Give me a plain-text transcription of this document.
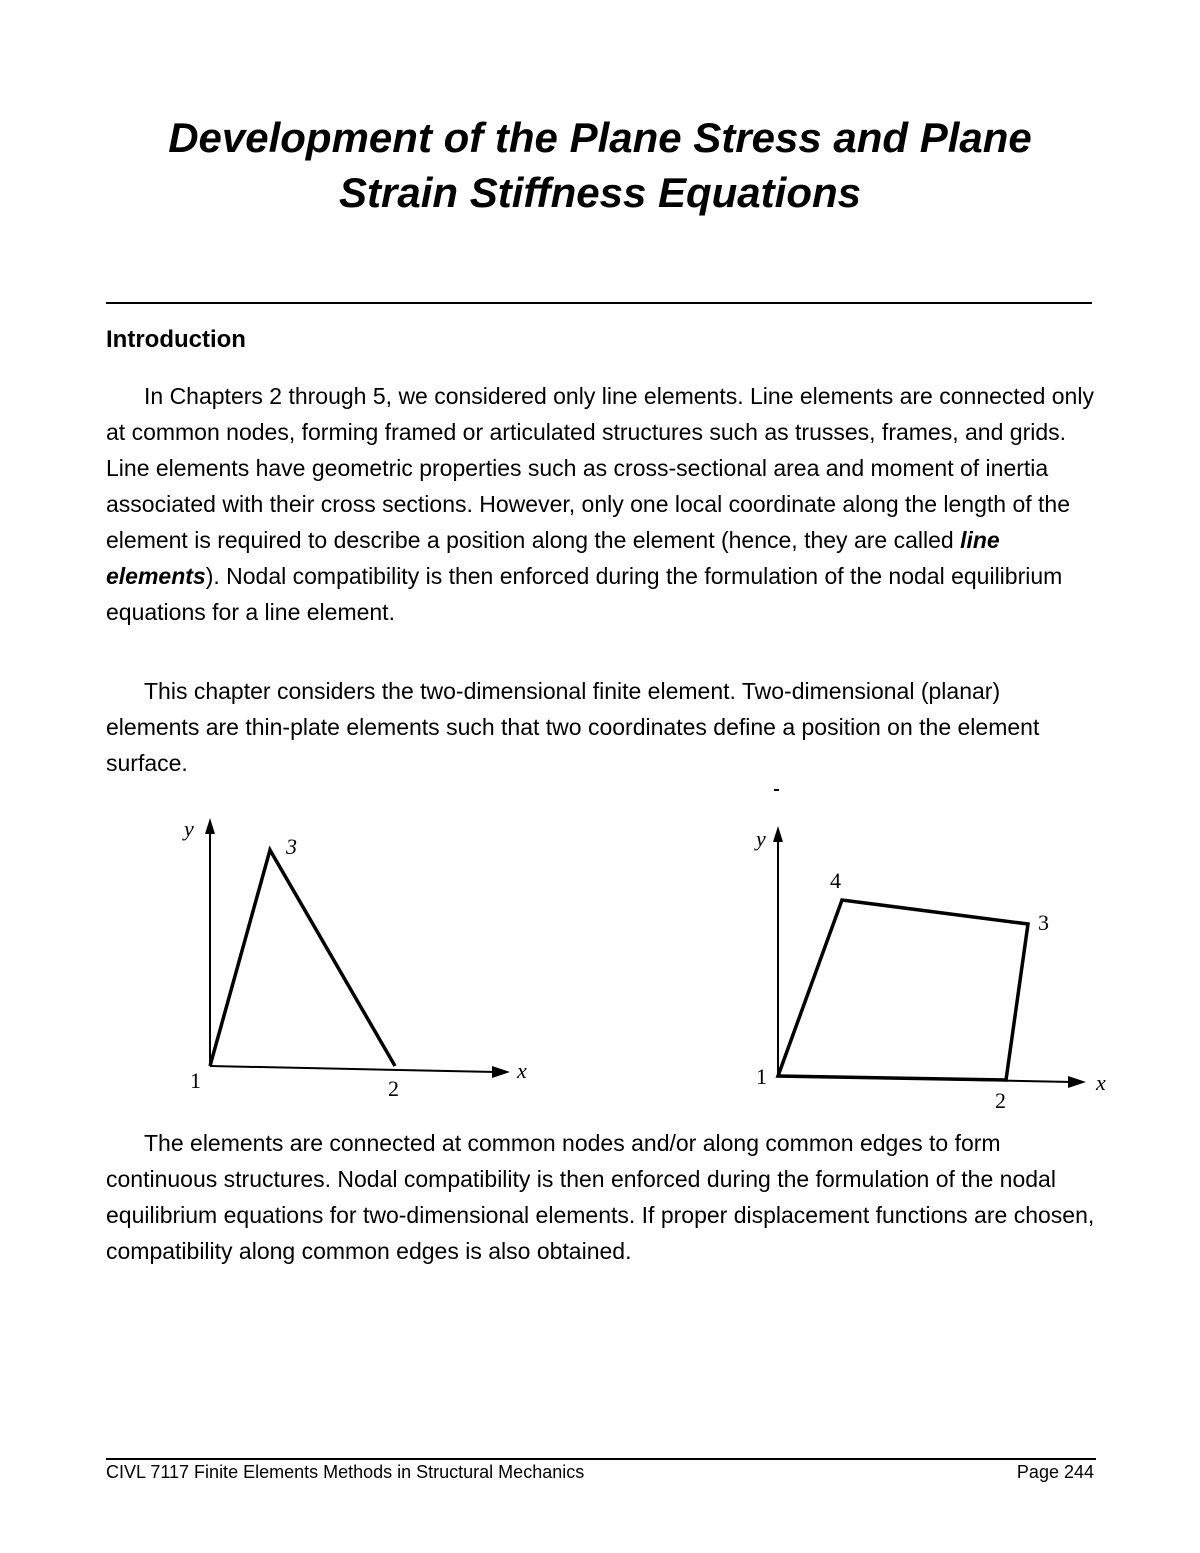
Development of the Plane Stress and Plane
Strain Stiffness Equations
Introduction

In Chapters 2 through 5, we considered only line elements. Line elements are connected only at common nodes, forming framed or articulated structures such as trusses, frames, and grids. Line elements have geometric properties such as cross-sectional area and moment of inertia associated with their cross sections. However, only one local coordinate along the length of the element is required to describe a position along the element (hence, they are called line elements). Nodal compatibility is then enforced during the formulation of the nodal equilibrium equations for a line element.

This chapter considers the two-dimensional finite element. Two-dimensional (planar) elements are thin-plate elements such that two coordinates define a position on the element surface.

y
x
3
1	2
y
x
4
3
1
2

The elements are connected at common nodes and/or along common edges to form continuous structures. Nodal compatibility is then enforced during the formulation of the nodal equilibrium equations for two-dimensional elements. If proper displacement functions are chosen, compatibility along common edges is also obtained.

CIVL 7117 Finite Elements Methods in Structural Mechanics	Page 244
